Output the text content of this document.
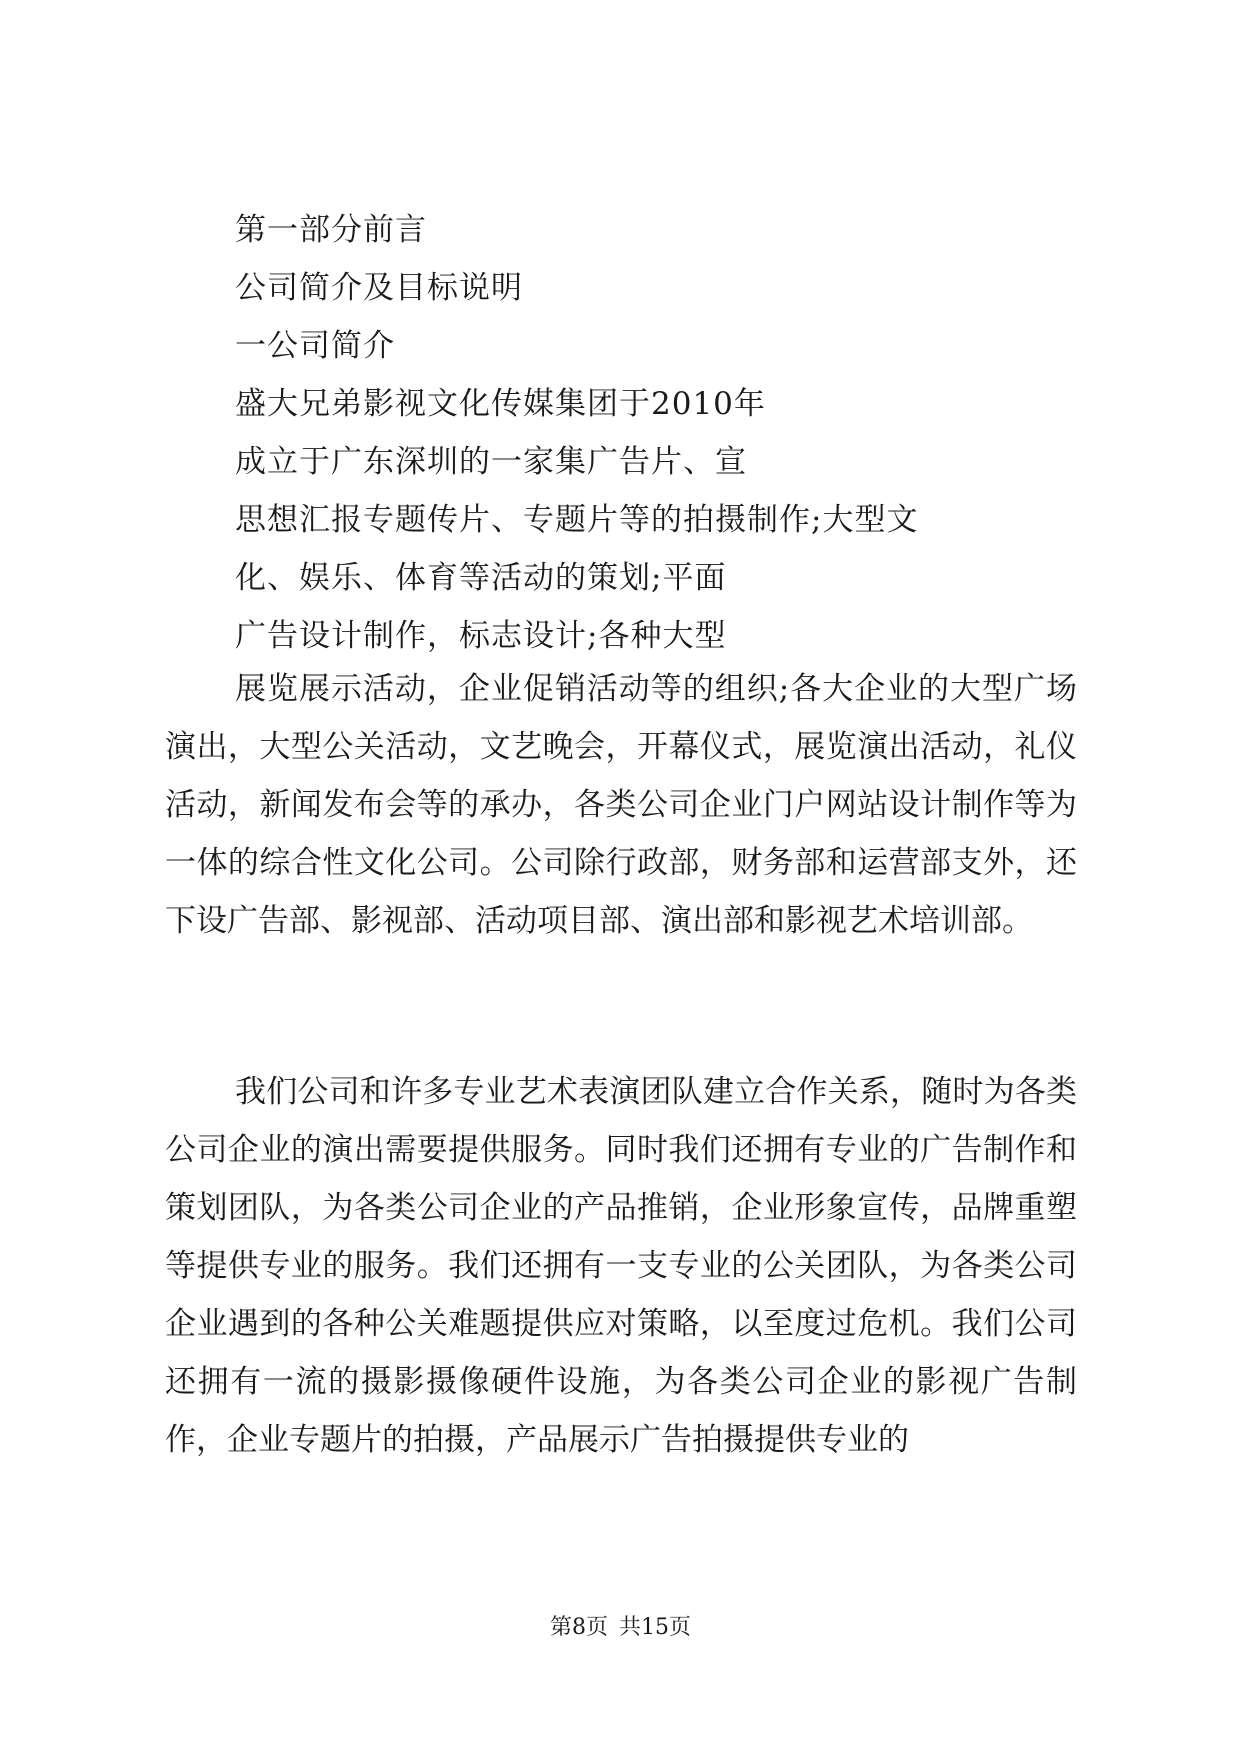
第一部分前言
公司简介及目标说明
一公司简介
盛大兄弟影视文化传媒集团于2010年
成立于广东深圳的一家集广告片、宣
思想汇报专题传片、专题片等的拍摄制作;大型文
化、娱乐、体育等活动的策划;平面
广告设计制作，标志设计;各种大型

展览展示活动，企业促销活动等的组织;各大企业的大型广场演出，大型公关活动，文艺晚会，开幕仪式，展览演出活动，礼仪活动，新闻发布会等的承办，各类公司企业门户网站设计制作等为一体的综合性文化公司。公司除行政部，财务部和运营部支外，还下设广告部、影视部、活动项目部、演出部和影视艺术培训部。

我们公司和许多专业艺术表演团队建立合作关系，随时为各类公司企业的演出需要提供服务。同时我们还拥有专业的广告制作和策划团队，为各类公司企业的产品推销，企业形象宣传，品牌重塑等提供专业的服务。我们还拥有一支专业的公关团队，为各类公司企业遇到的各种公关难题提供应对策略，以至度过危机。我们公司还拥有一流的摄影摄像硬件设施，为各类公司企业的影视广告制作，企业专题片的拍摄，产品展示广告拍摄提供专业的

第8页 共15页
